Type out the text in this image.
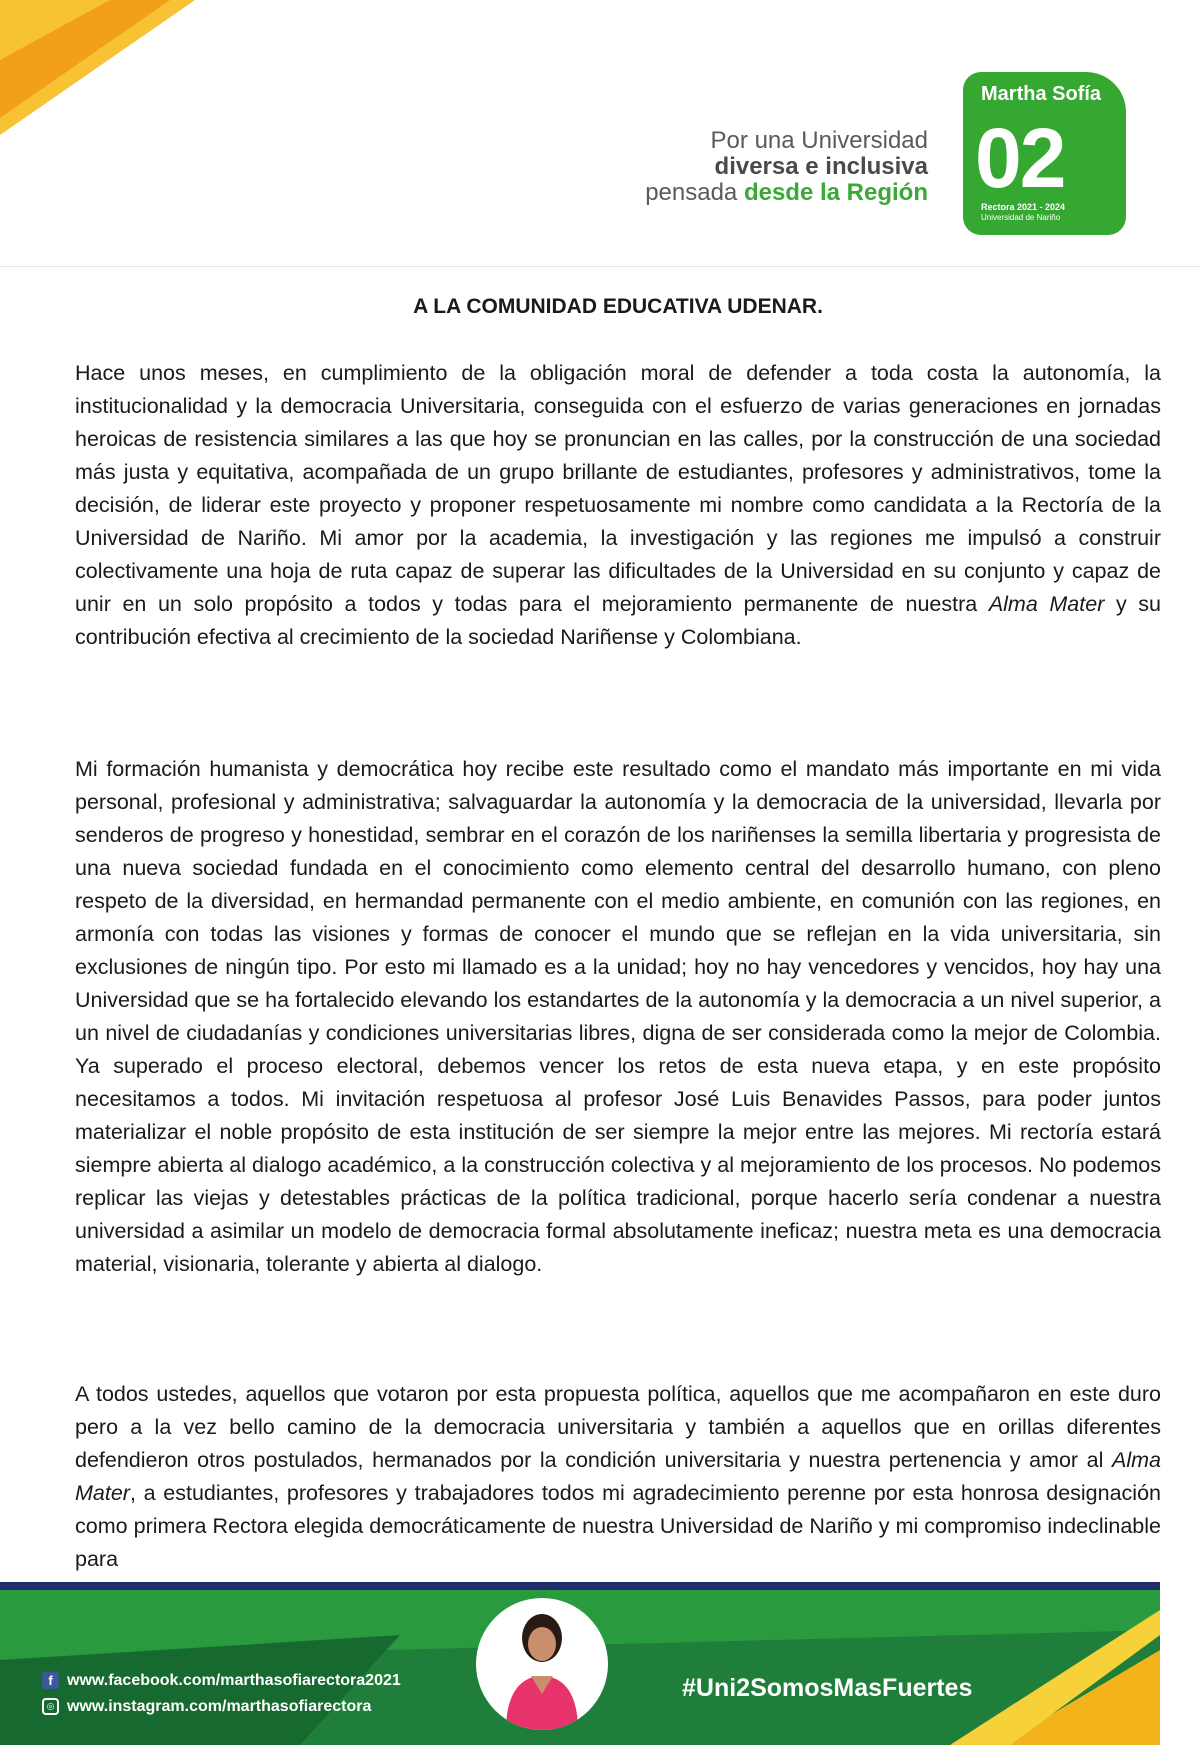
Por una Universidad

diversa e inclusiva
pensada desde la Región
Martha Sofía
02
Rectora 2021 - 2024
Universidad de Nariño
A LA COMUNIDAD EDUCATIVA UDENAR.

Hace unos meses, en cumplimiento de la obligación moral de defender a toda costa la autonomía, la institucionalidad y la democracia Universitaria, conseguida con el esfuerzo de varias generaciones en jornadas heroicas de resistencia similares a las que hoy se pronuncian en las calles, por la construcción de una sociedad más justa y equitativa, acompañada de un grupo brillante de estudiantes, profesores y administrativos, tome la decisión, de liderar este proyecto y proponer respetuosamente mi nombre como candidata a la Rectoría de la Universidad de Nariño. Mi amor por la academia, la investigación y las regiones me impulsó a construir colectivamente una hoja de ruta capaz de superar las dificultades de la Universidad en su conjunto y capaz de unir en un solo propósito a todos y todas para el mejoramiento permanente de nuestra Alma Mater y su contribución efectiva al crecimiento de la sociedad Nariñense y Colombiana.

Mi formación humanista y democrática hoy recibe este resultado como el mandato más importante en mi vida personal, profesional y administrativa; salvaguardar la autonomía y la democracia de la universidad, llevarla por senderos de progreso y honestidad, sembrar en el corazón de los nariñenses la semilla libertaria y progresista de una nueva sociedad fundada en el conocimiento como elemento central del desarrollo humano, con pleno respeto de la diversidad, en hermandad permanente con el medio ambiente, en comunión con las regiones, en armonía con todas las visiones y formas de conocer el mundo que se reflejan en la vida universitaria, sin exclusiones de ningún tipo. Por esto mi llamado es a la unidad; hoy no hay vencedores y vencidos, hoy hay una Universidad que se ha fortalecido elevando los estandartes de la autonomía y la democracia a un nivel superior, a un nivel de ciudadanías y condiciones universitarias libres, digna de ser considerada como la mejor de Colombia. Ya superado el proceso electoral, debemos vencer los retos de esta nueva etapa, y en este propósito necesitamos a todos. Mi invitación respetuosa al profesor José Luis Benavides Passos, para poder juntos materializar el noble propósito de esta institución de ser siempre la mejor entre las mejores. Mi rectoría estará siempre abierta al dialogo académico, a la construcción colectiva y al mejoramiento de los procesos. No podemos replicar las viejas y detestables prácticas de la política tradicional, porque hacerlo sería condenar a nuestra universidad a asimilar un modelo de democracia formal absolutamente ineficaz; nuestra meta es una democracia material, visionaria, tolerante y abierta al dialogo.

A todos ustedes, aquellos que votaron por esta propuesta política, aquellos que me acompañaron en este duro pero a la vez bello camino de la democracia universitaria y también a aquellos que en orillas diferentes defendieron otros postulados, hermanados por la condición universitaria y nuestra pertenencia y amor al Alma Mater, a estudiantes, profesores y trabajadores todos mi agradecimiento perenne por esta honrosa designación como primera Rectora elegida democráticamente de nuestra Universidad de Nariño y mi compromiso indeclinable para

f www.facebook.com/marthasofiarectora2021
◎ www.instagram.com/marthasofiarectora
#Uni2SomosMasFuertes
